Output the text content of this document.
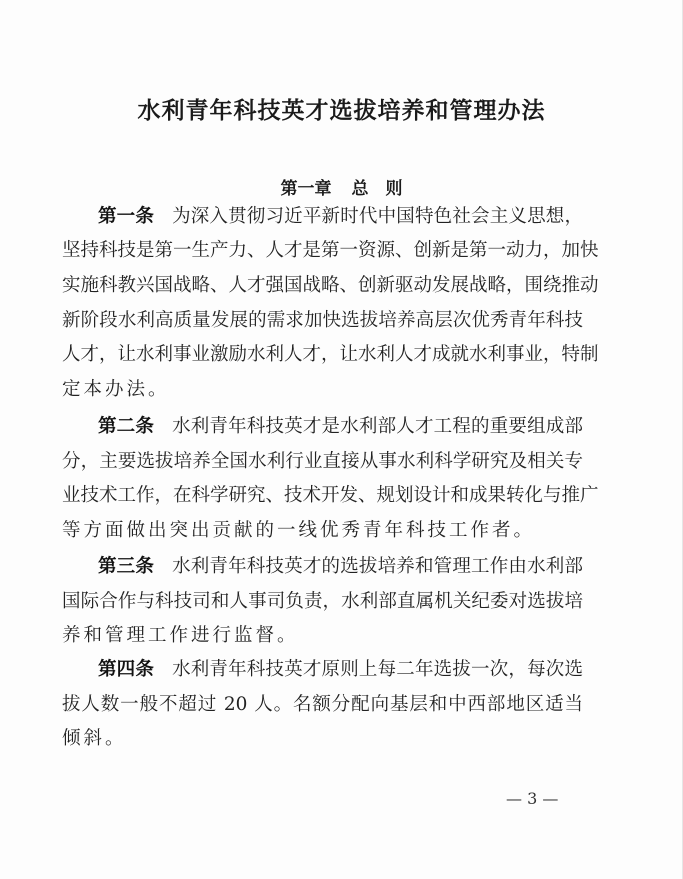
水利青年科技英才选拔培养和管理办法
第一章 总　则
第一条 为深入贯彻习近平新时代中国特色社会主义思想，
坚持科技是第一生产力、人才是第一资源、创新是第一动力，加快
实施科教兴国战略、人才强国战略、创新驱动发展战略，围绕推动
新阶段水利高质量发展的需求加快选拔培养高层次优秀青年科技
人才，让水利事业激励水利人才，让水利人才成就水利事业，特制
定本办法。
第二条 水利青年科技英才是水利部人才工程的重要组成部
分，主要选拔培养全国水利行业直接从事水利科学研究及相关专
业技术工作，在科学研究、技术开发、规划设计和成果转化与推广
等方面做出突出贡献的一线优秀青年科技工作者。
第三条 水利青年科技英才的选拔培养和管理工作由水利部
国际合作与科技司和人事司负责，水利部直属机关纪委对选拔培
养和管理工作进行监督。
第四条 水利青年科技英才原则上每二年选拔一次，每次选
拔人数一般不超过 20 人。名额分配向基层和中西部地区适当
倾斜。
— 3 —
